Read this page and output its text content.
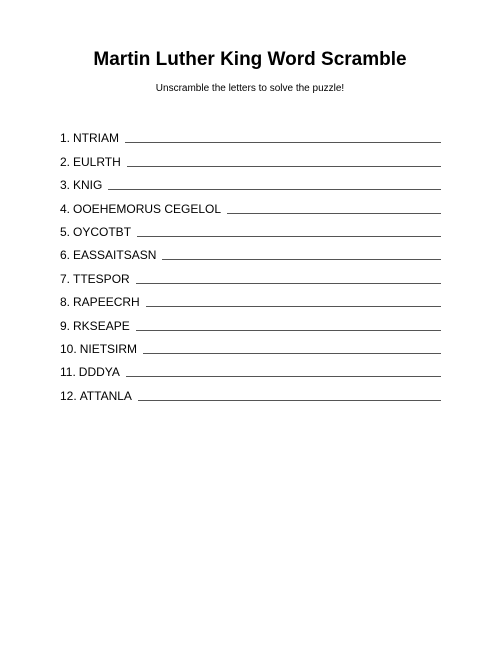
Martin Luther King Word Scramble
Unscramble the letters to solve the puzzle!
1. NTRIAM
2. EULRTH
3. KNIG
4. OOEHEMORUS CEGELOL
5. OYCOTBT
6. EASSAITSASN
7. TTESPOR
8. RAPEECRH
9. RKSEAPE
10. NIETSIRM
11. DDDYA
12. ATTANLA
